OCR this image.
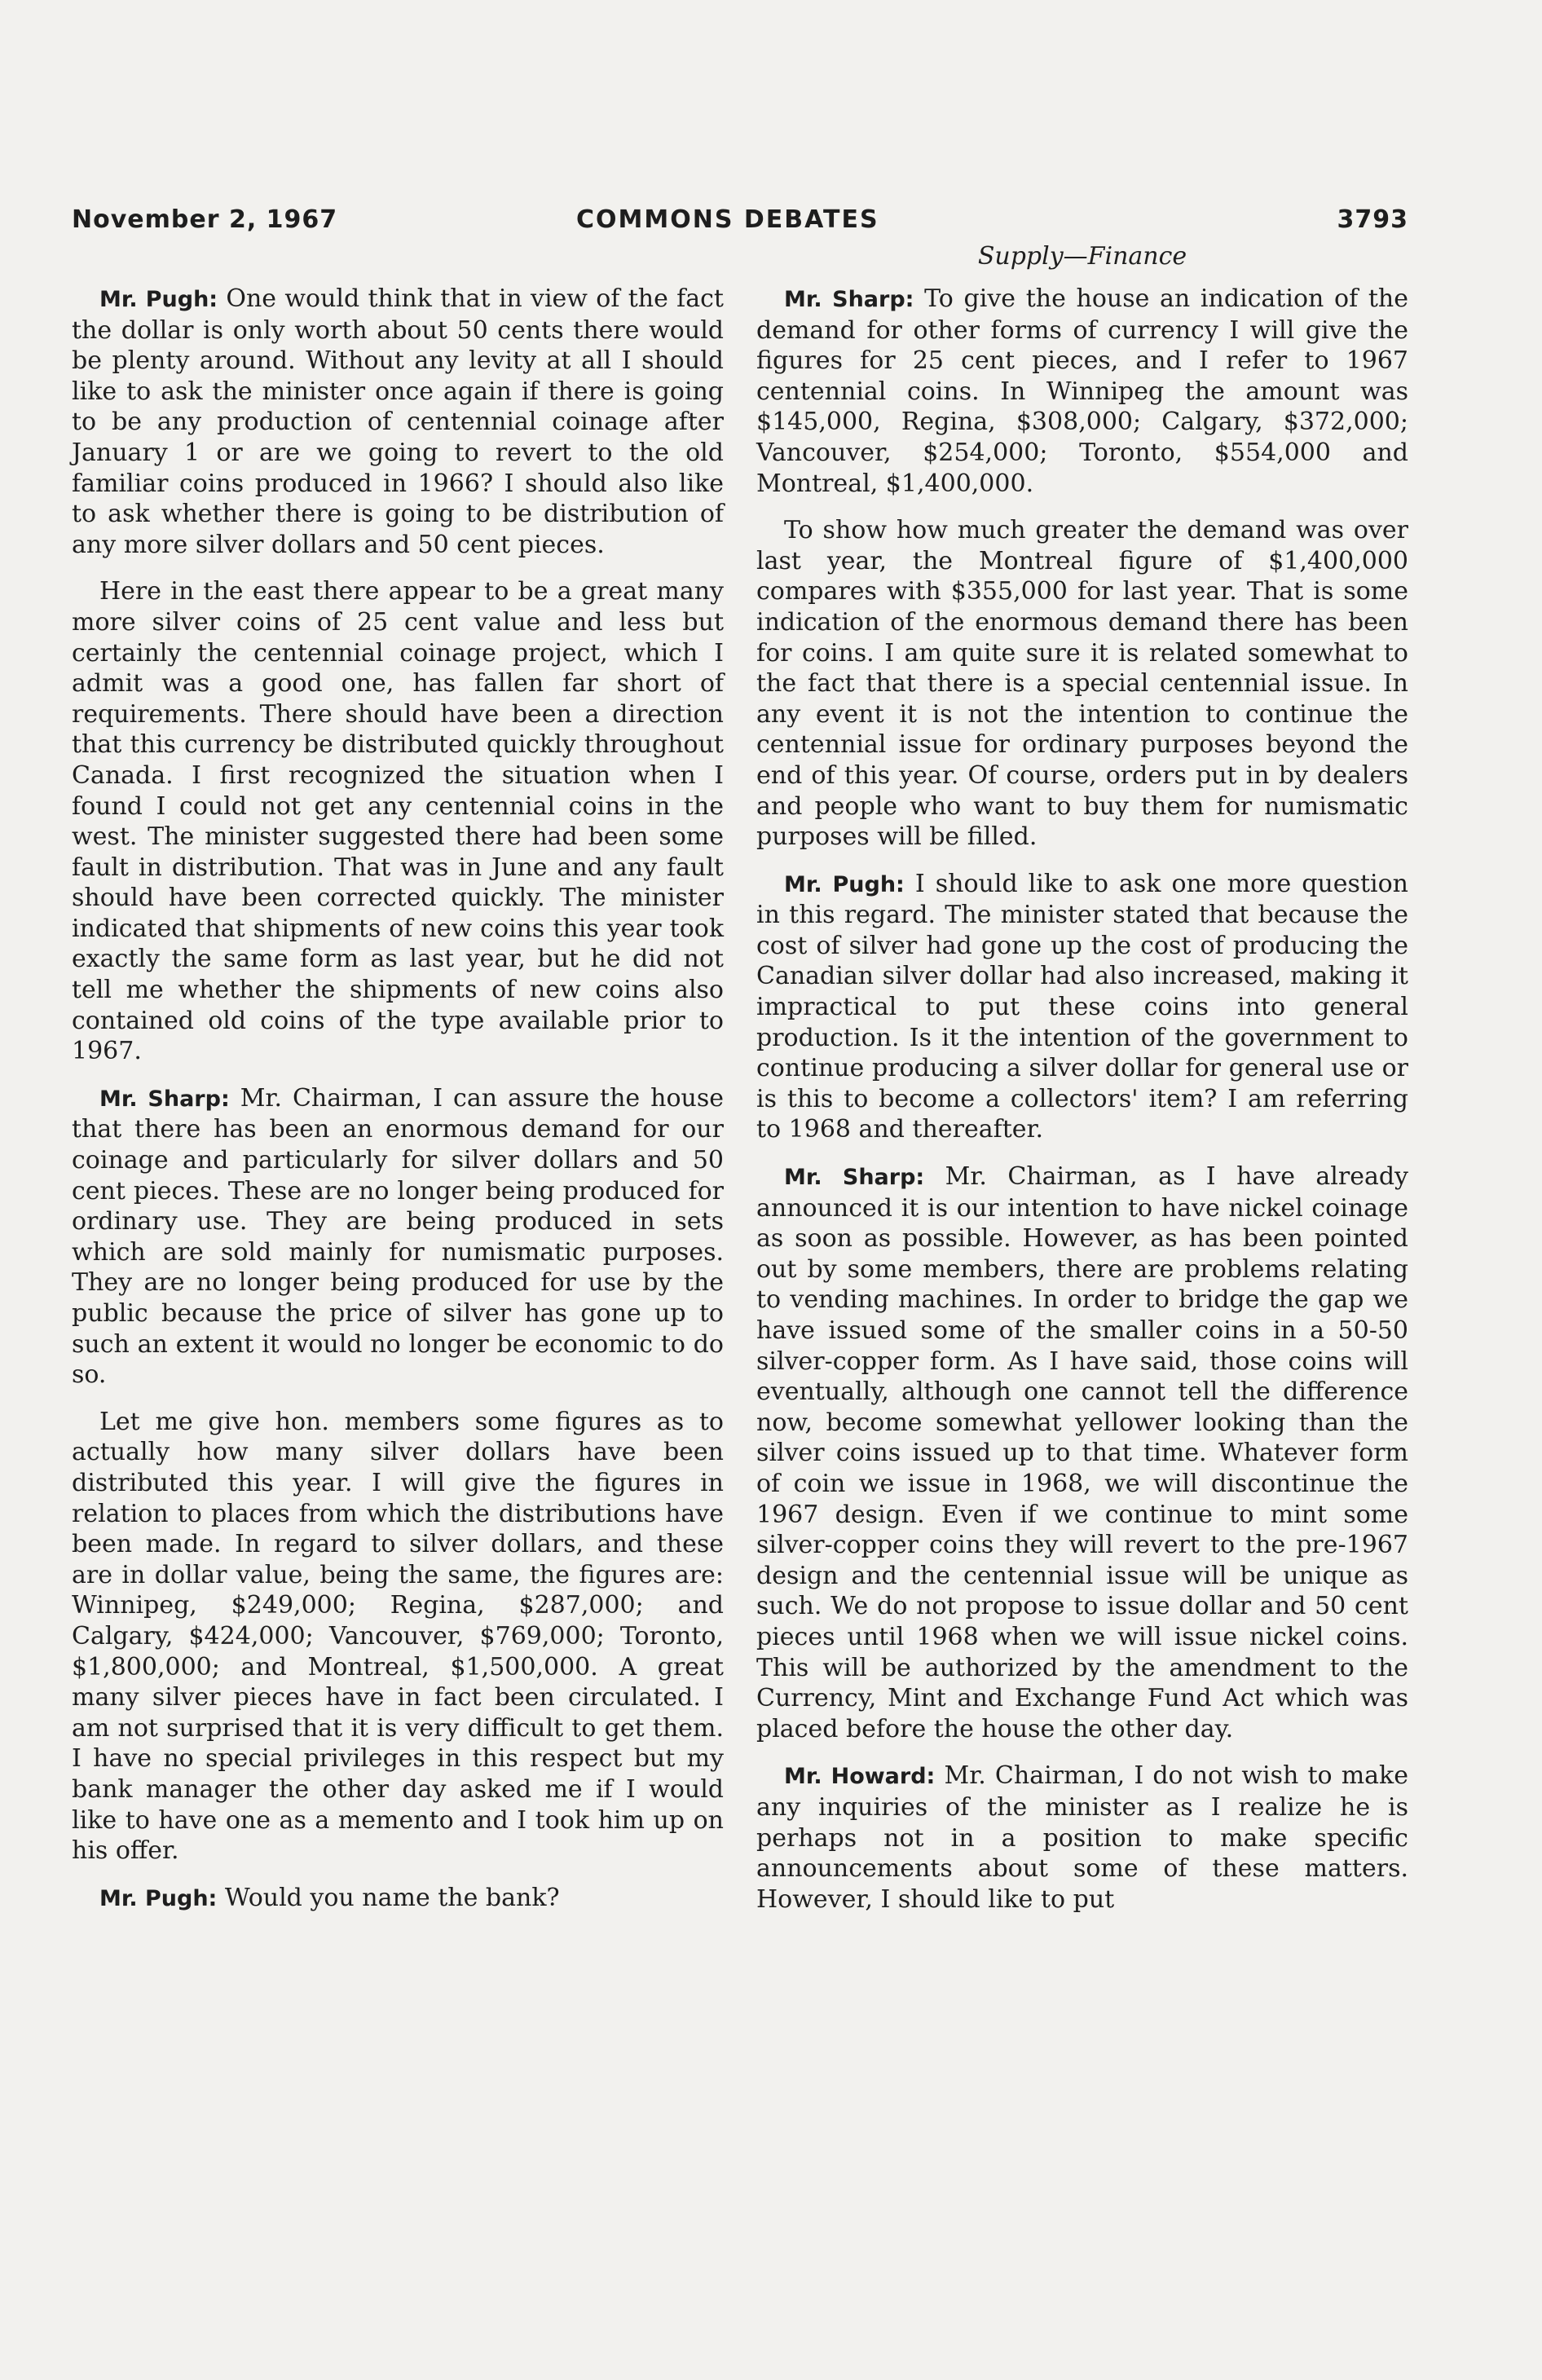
November 2, 1967	COMMONS DEBATES	3793
Supply—Finance

Mr. Pugh: One would think that in view of the fact the dollar is only worth about 50 cents there would be plenty around. Without any levity at all I should like to ask the minister once again if there is going to be any production of centennial coinage after January 1 or are we going to revert to the old familiar coins produced in 1966? I should also like to ask whether there is going to be distribution of any more silver dollars and 50 cent pieces.

Here in the east there appear to be a great many more silver coins of 25 cent value and less but certainly the centennial coinage project, which I admit was a good one, has fallen far short of requirements. There should have been a direction that this currency be distributed quickly throughout Canada. I first recognized the situation when I found I could not get any centennial coins in the west. The minister suggested there had been some fault in distribution. That was in June and any fault should have been corrected quickly. The minister indicated that shipments of new coins this year took exactly the same form as last year, but he did not tell me whether the shipments of new coins also contained old coins of the type available prior to 1967.

Mr. Sharp: Mr. Chairman, I can assure the house that there has been an enormous demand for our coinage and particularly for silver dollars and 50 cent pieces. These are no longer being produced for ordinary use. They are being produced in sets which are sold mainly for numismatic purposes. They are no longer being produced for use by the public because the price of silver has gone up to such an extent it would no longer be economic to do so.

Let me give hon. members some figures as to actually how many silver dollars have been distributed this year. I will give the figures in relation to places from which the distributions have been made. In regard to silver dollars, and these are in dollar value, being the same, the figures are: Winnipeg, $249,000; Regina, $287,000; and Calgary, $424,000; Vancouver, $769,000; Toronto, $1,800,000; and Montreal, $1,500,000. A great many silver pieces have in fact been circulated. I am not surprised that it is very difficult to get them. I have no special privileges in this respect but my bank manager the other day asked me if I would like to have one as a memento and I took him up on his offer.

Mr. Pugh: Would you name the bank?

Mr. Sharp: To give the house an indication of the demand for other forms of currency I will give the figures for 25 cent pieces, and I refer to 1967 centennial coins. In Winnipeg the amount was $145,000, Regina, $308,000; Calgary, $372,000; Vancouver, $254,000; Toronto, $554,000 and Montreal, $1,400,000.

To show how much greater the demand was over last year, the Montreal figure of $1,400,000 compares with $355,000 for last year. That is some indication of the enormous demand there has been for coins. I am quite sure it is related somewhat to the fact that there is a special centennial issue. In any event it is not the intention to continue the centennial issue for ordinary purposes beyond the end of this year. Of course, orders put in by dealers and people who want to buy them for numismatic purposes will be filled.

Mr. Pugh: I should like to ask one more question in this regard. The minister stated that because the cost of silver had gone up the cost of producing the Canadian silver dollar had also increased, making it impractical to put these coins into general production. Is it the intention of the government to continue producing a silver dollar for general use or is this to become a collectors' item? I am referring to 1968 and thereafter.

Mr. Sharp: Mr. Chairman, as I have already announced it is our intention to have nickel coinage as soon as possible. However, as has been pointed out by some members, there are problems relating to vending machines. In order to bridge the gap we have issued some of the smaller coins in a 50-50 silver-copper form. As I have said, those coins will eventually, although one cannot tell the difference now, become somewhat yellower looking than the silver coins issued up to that time. Whatever form of coin we issue in 1968, we will discontinue the 1967 design. Even if we continue to mint some silver-copper coins they will revert to the pre-1967 design and the centennial issue will be unique as such. We do not propose to issue dollar and 50 cent pieces until 1968 when we will issue nickel coins. This will be authorized by the amendment to the Currency, Mint and Exchange Fund Act which was placed before the house the other day.

Mr. Howard: Mr. Chairman, I do not wish to make any inquiries of the minister as I realize he is perhaps not in a position to make specific announcements about some of these matters. However, I should like to put
